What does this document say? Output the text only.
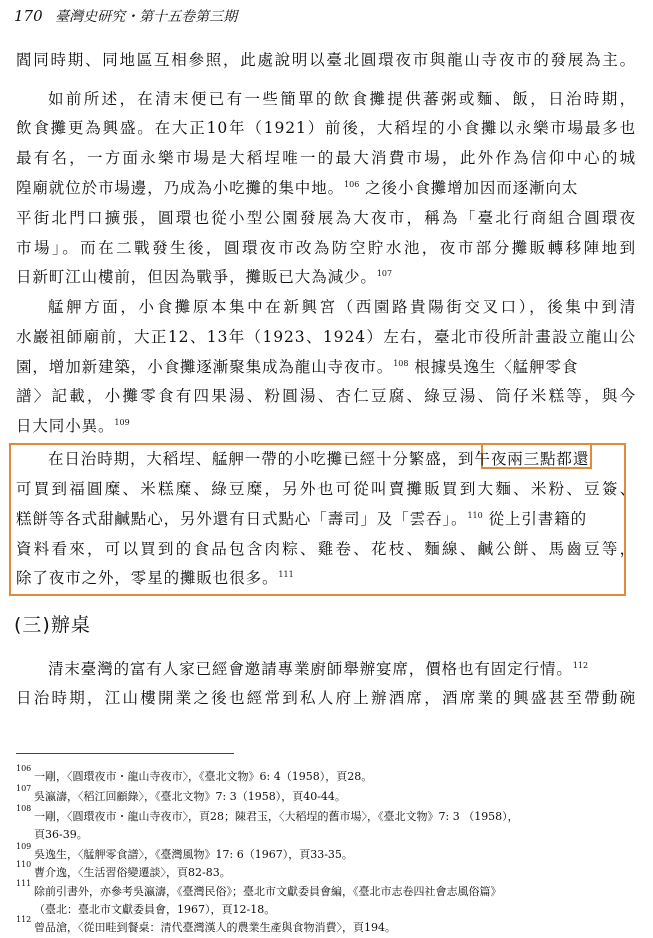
170 臺灣史研究・第十五卷第三期
閻同時期、同地區互相參照，此處說明以臺北圓環夜市與龍山寺夜市的發展為主。
如前所述，在清末便已有一些簡單的飲食攤提供蕃粥或麵、飯，日治時期，
飲食攤更為興盛。在大正10年（1921）前後，大稻埕的小食攤以永樂市場最多也
最有名，一方面永樂市場是大稻埕唯一的最大消費市場，此外作為信仰中心的城
隍廟就位於市場邊，乃成為小吃攤的集中地。$^{106}$ 之後小食攤增加因而逐漸向太
平街北門口擴張，圓環也從小型公園發展為大夜市，稱為「臺北行商組合圓環夜
市場」。而在二戰發生後，圓環夜市改為防空貯水池，夜市部分攤販轉移陣地到
日新町江山樓前，但因為戰爭，攤販已大為減少。$^{107}$
艋舺方面，小食攤原本集中在新興宮（西園路貴陽街交叉口），後集中到清
水巖祖師廟前，大正12、13年（1923、1924）左右，臺北市役所計畫設立龍山公
園，增加新建築，小食攤逐漸聚集成為龍山寺夜市。$^{108}$ 根據吳逸生〈艋舺零食
譜〉記載，小攤零食有四果湯、粉圓湯、杏仁豆腐、綠豆湯、筒仔米糕等，與今
日大同小異。$^{109}$
在日治時期，大稻埕、艋舺一帶的小吃攤已經十分繁盛，到午夜兩三點都還
可買到福圓糜、米糕糜、綠豆糜，另外也可從叫賣攤販買到大麵、米粉、豆簽、
糕餅等各式甜鹹點心，另外還有日式點心「壽司」及「雲吞」。$^{110}$ 從上引書籍的
資料看來，可以買到的食品包含肉粽、雞卷、花枝、麵線、鹹公餅、馬齒豆等，
除了夜市之外，零星的攤販也很多。$^{111}$
(三)辦桌
清末臺灣的富有人家已經會邀請專業廚師舉辦宴席，價格也有固定行情。$^{112}$
日治時期，江山樓開業之後也經常到私人府上辦酒席，酒席業的興盛甚至帶動碗
106
一剛，〈圓環夜市・龍山寺夜市〉，《臺北文物》6: 4（1958），頁28。
107
吳瀛濤，〈稻江回顧錄〉，《臺北文物》7: 3（1958），頁40-44。
108
一剛，〈圓環夜市・龍山寺夜市〉，頁28；陳君玉，〈大稻埕的舊市場〉，《臺北文物》7: 3 （1958），
頁36-39。
109
吳逸生，〈艋舺零食譜〉，《臺灣風物》17: 6（1967），頁33-35。
110
曹介逸，〈生活習俗變遷談〉，頁82-83。
111
除前引書外，亦參考吳瀛濤，《臺灣民俗》；臺北市文獻委員會編，《臺北市志卷四社會志風俗篇》
（臺北：臺北市文獻委員會，1967），頁12-18。
112
曾品滄，〈從田畦到餐桌：清代臺灣漢人的農業生產與食物消費〉，頁194。
